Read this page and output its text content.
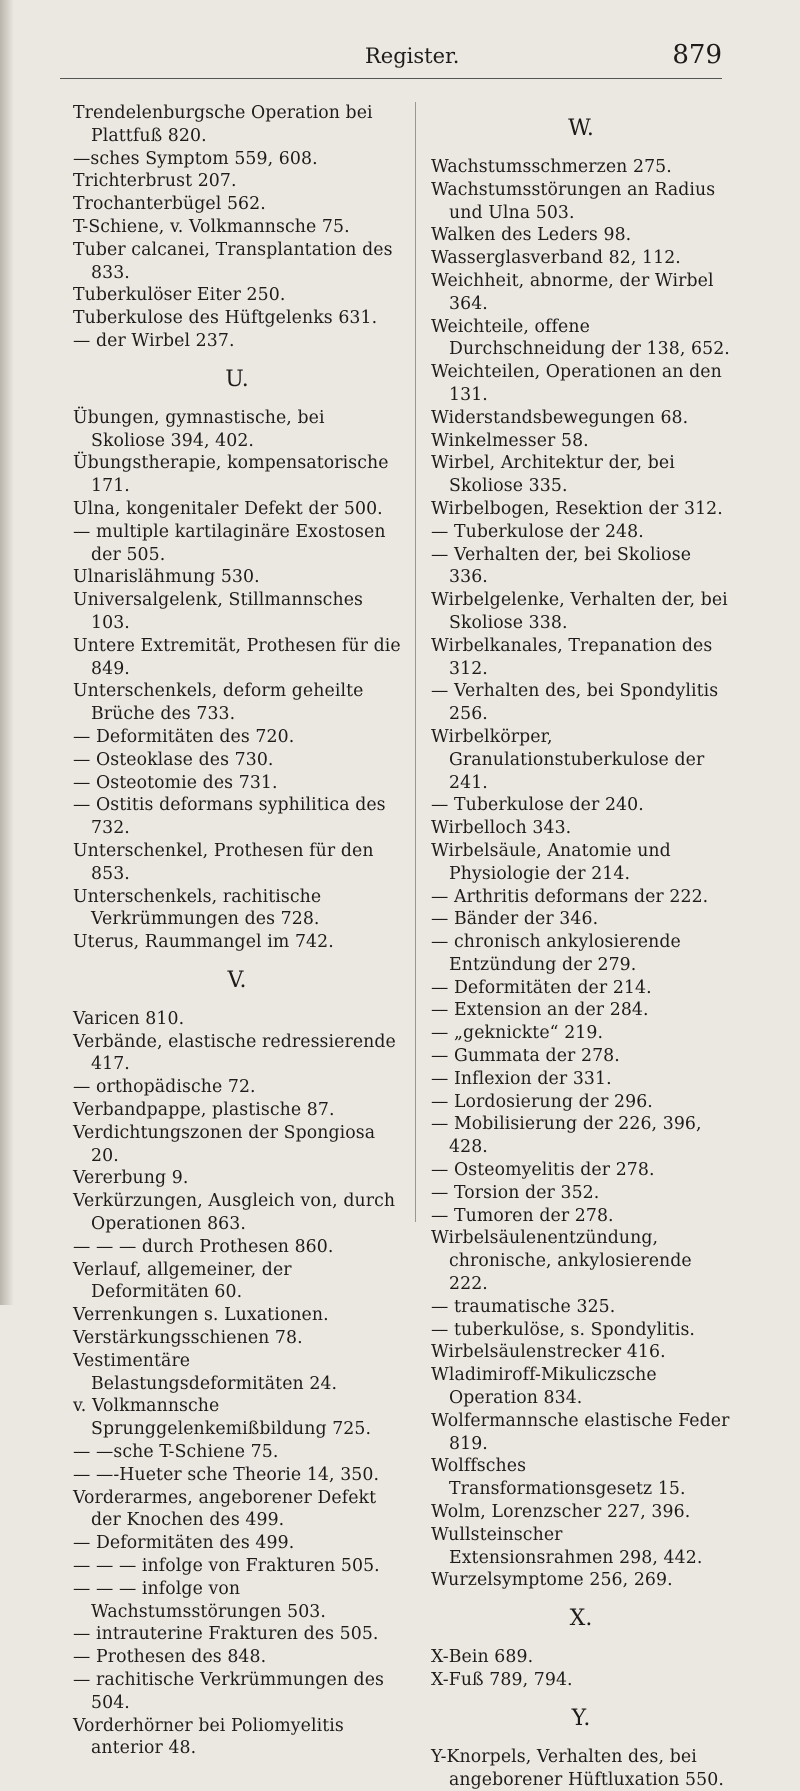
Register.	879
Trendelenburgsche Operation bei Plattfuß 820.
—sches Symptom 559, 608.
Trichterbrust 207.
Trochanterbügel 562.
T-Schiene, v. Volkmannsche 75.
Tuber calcanei, Transplantation des 833.
Tuberkulöser Eiter 250.
Tuberkulose des Hüftgelenks 631.
— der Wirbel 237.
U.
Übungen, gymnastische, bei Skoliose 394, 402.
Übungstherapie, kompensatorische 171.
Ulna, kongenitaler Defekt der 500.
— multiple kartilaginäre Exostosen der 505.
Ulnarislähmung 530.
Universalgelenk, Stillmannsches 103.
Untere Extremität, Prothesen für die 849.
Unterschenkels, deform geheilte Brüche des 733.
— Deformitäten des 720.
— Osteoklase des 730.
— Osteotomie des 731.
— Ostitis deformans syphilitica des 732.
Unterschenkel, Prothesen für den 853.
Unterschenkels, rachitische Verkrümmungen des 728.
Uterus, Raummangel im 742.
V.
Varicen 810.
Verbände, elastische redressierende 417.
— orthopädische 72.
Verbandpappe, plastische 87.
Verdichtungszonen der Spongiosa 20.
Vererbung 9.
Verkürzungen, Ausgleich von, durch Operationen 863.
— — — durch Prothesen 860.
Verlauf, allgemeiner, der Deformitäten 60.
Verrenkungen s. Luxationen.
Verstärkungsschienen 78.
Vestimentäre Belastungsdeformitäten 24.
v. Volkmannsche Sprunggelenkemißbildung 725.
— —sche T-Schiene 75.
— —-Hueter sche Theorie 14, 350.
Vorderarmes, angeborener Defekt der Knochen des 499.
— Deformitäten des 499.
— — — infolge von Frakturen 505.
— — — infolge von Wachstumsstörungen 503.
— intrauterine Frakturen des 505.
— Prothesen des 848.
— rachitische Verkrümmungen des 504.
Vorderhörner bei Poliomyelitis anterior 48.
W.
Wachstumsschmerzen 275.
Wachstumsstörungen an Radius und Ulna 503.
Walken des Leders 98.
Wasserglasverband 82, 112.
Weichheit, abnorme, der Wirbel 364.
Weichteile, offene Durchschneidung der 138, 652.
Weichteilen, Operationen an den 131.
Widerstandsbewegungen 68.
Winkelmesser 58.
Wirbel, Architektur der, bei Skoliose 335.
Wirbelbogen, Resektion der 312.
— Tuberkulose der 248.
— Verhalten der, bei Skoliose 336.
Wirbelgelenke, Verhalten der, bei Skoliose 338.
Wirbelkanales, Trepanation des 312.
— Verhalten des, bei Spondylitis 256.
Wirbelkörper, Granulationstuberkulose der 241.
— Tuberkulose der 240.
Wirbelloch 343.
Wirbelsäule, Anatomie und Physiologie der 214.
— Arthritis deformans der 222.
— Bänder der 346.
— chronisch ankylosierende Entzündung der 279.
— Deformitäten der 214.
— Extension an der 284.
— „geknickte“ 219.
— Gummata der 278.
— Inflexion der 331.
— Lordosierung der 296.
— Mobilisierung der 226, 396, 428.
— Osteomyelitis der 278.
— Torsion der 352.
— Tumoren der 278.
Wirbelsäulenentzündung, chronische, ankylosierende 222.
— traumatische 325.
— tuberkulöse, s. Spondylitis.
Wirbelsäulenstrecker 416.
Wladimiroff-Mikuliczsche Operation 834.
Wolfermannsche elastische Feder 819.
Wolffsches Transformationsgesetz 15.
Wolm, Lorenzscher 227, 396.
Wullsteinscher Extensionsrahmen 298, 442.
Wurzelsymptome 256, 269.
X.
X-Bein 689.
X-Fuß 789, 794.
Y.
Y-Knorpels, Verhalten des, bei angeborener Hüftluxation 550.
